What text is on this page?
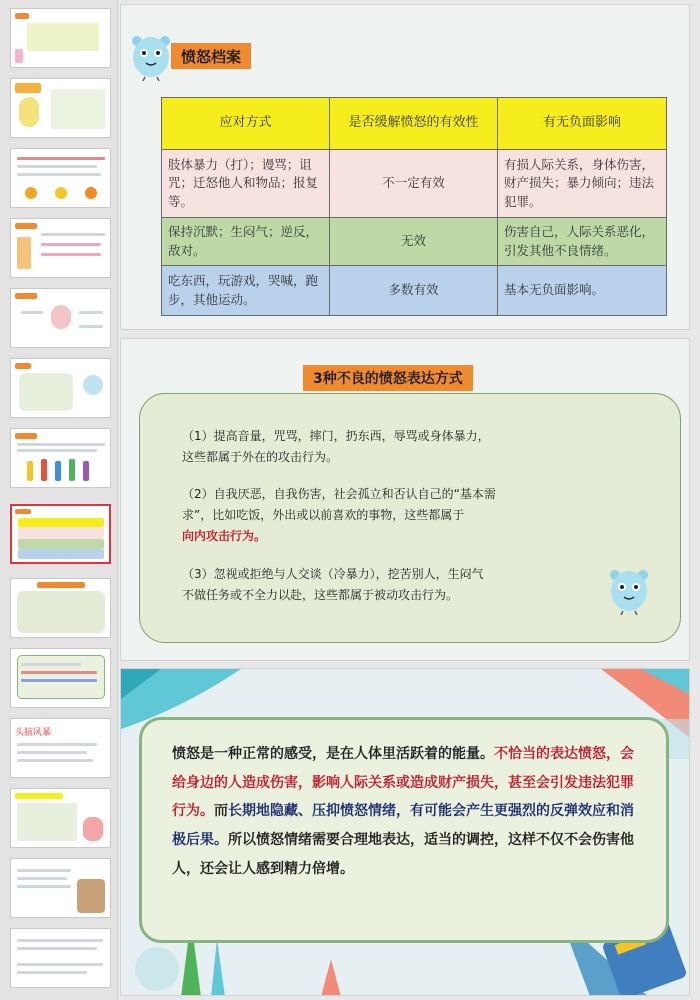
头脑风暴
愤怒档案
应对方式	是否缓解愤怒的有效性	有无负面影响
肢体暴力（打）；谩骂；诅咒；迁怒他人和物品；报复等。	不一定有效	有损人际关系，身体伤害，财产损失；暴力倾向；违法犯罪。
保持沉默；生闷气；逆反，敌对。	无效	伤害自己，人际关系恶化，引发其他不良情绪。
吃东西，玩游戏，哭喊，跑步，其他运动。	多数有效	基本无负面影响。
3种不良的愤怒表达方式
（1）提高音量，咒骂，摔门，扔东西，辱骂或身体暴力，
这些都属于外在的攻击行为。
（2）自我厌恶，自我伤害，社会孤立和否认自己的“基本需
求”，比如吃饭，外出或以前喜欢的事物，这些都属于
向内攻击行为。
（3）忽视或拒绝与人交谈（冷暴力），挖苦别人，生闷气
不做任务或不全力以赴，这些都属于被动攻击行为。
愤怒是一种正常的感受，是在人体里活跃着的能量。不恰当的表达愤怒，会给身边的人造成伤害，影响人际关系或造成财产损失，甚至会引发违法犯罪行为。而长期地隐藏、压抑愤怒情绪，有可能会产生更强烈的反弹效应和消极后果。所以愤怒情绪需要合理地表达，适当的调控，这样不仅不会伤害他人，还会让人感到精力倍增。
